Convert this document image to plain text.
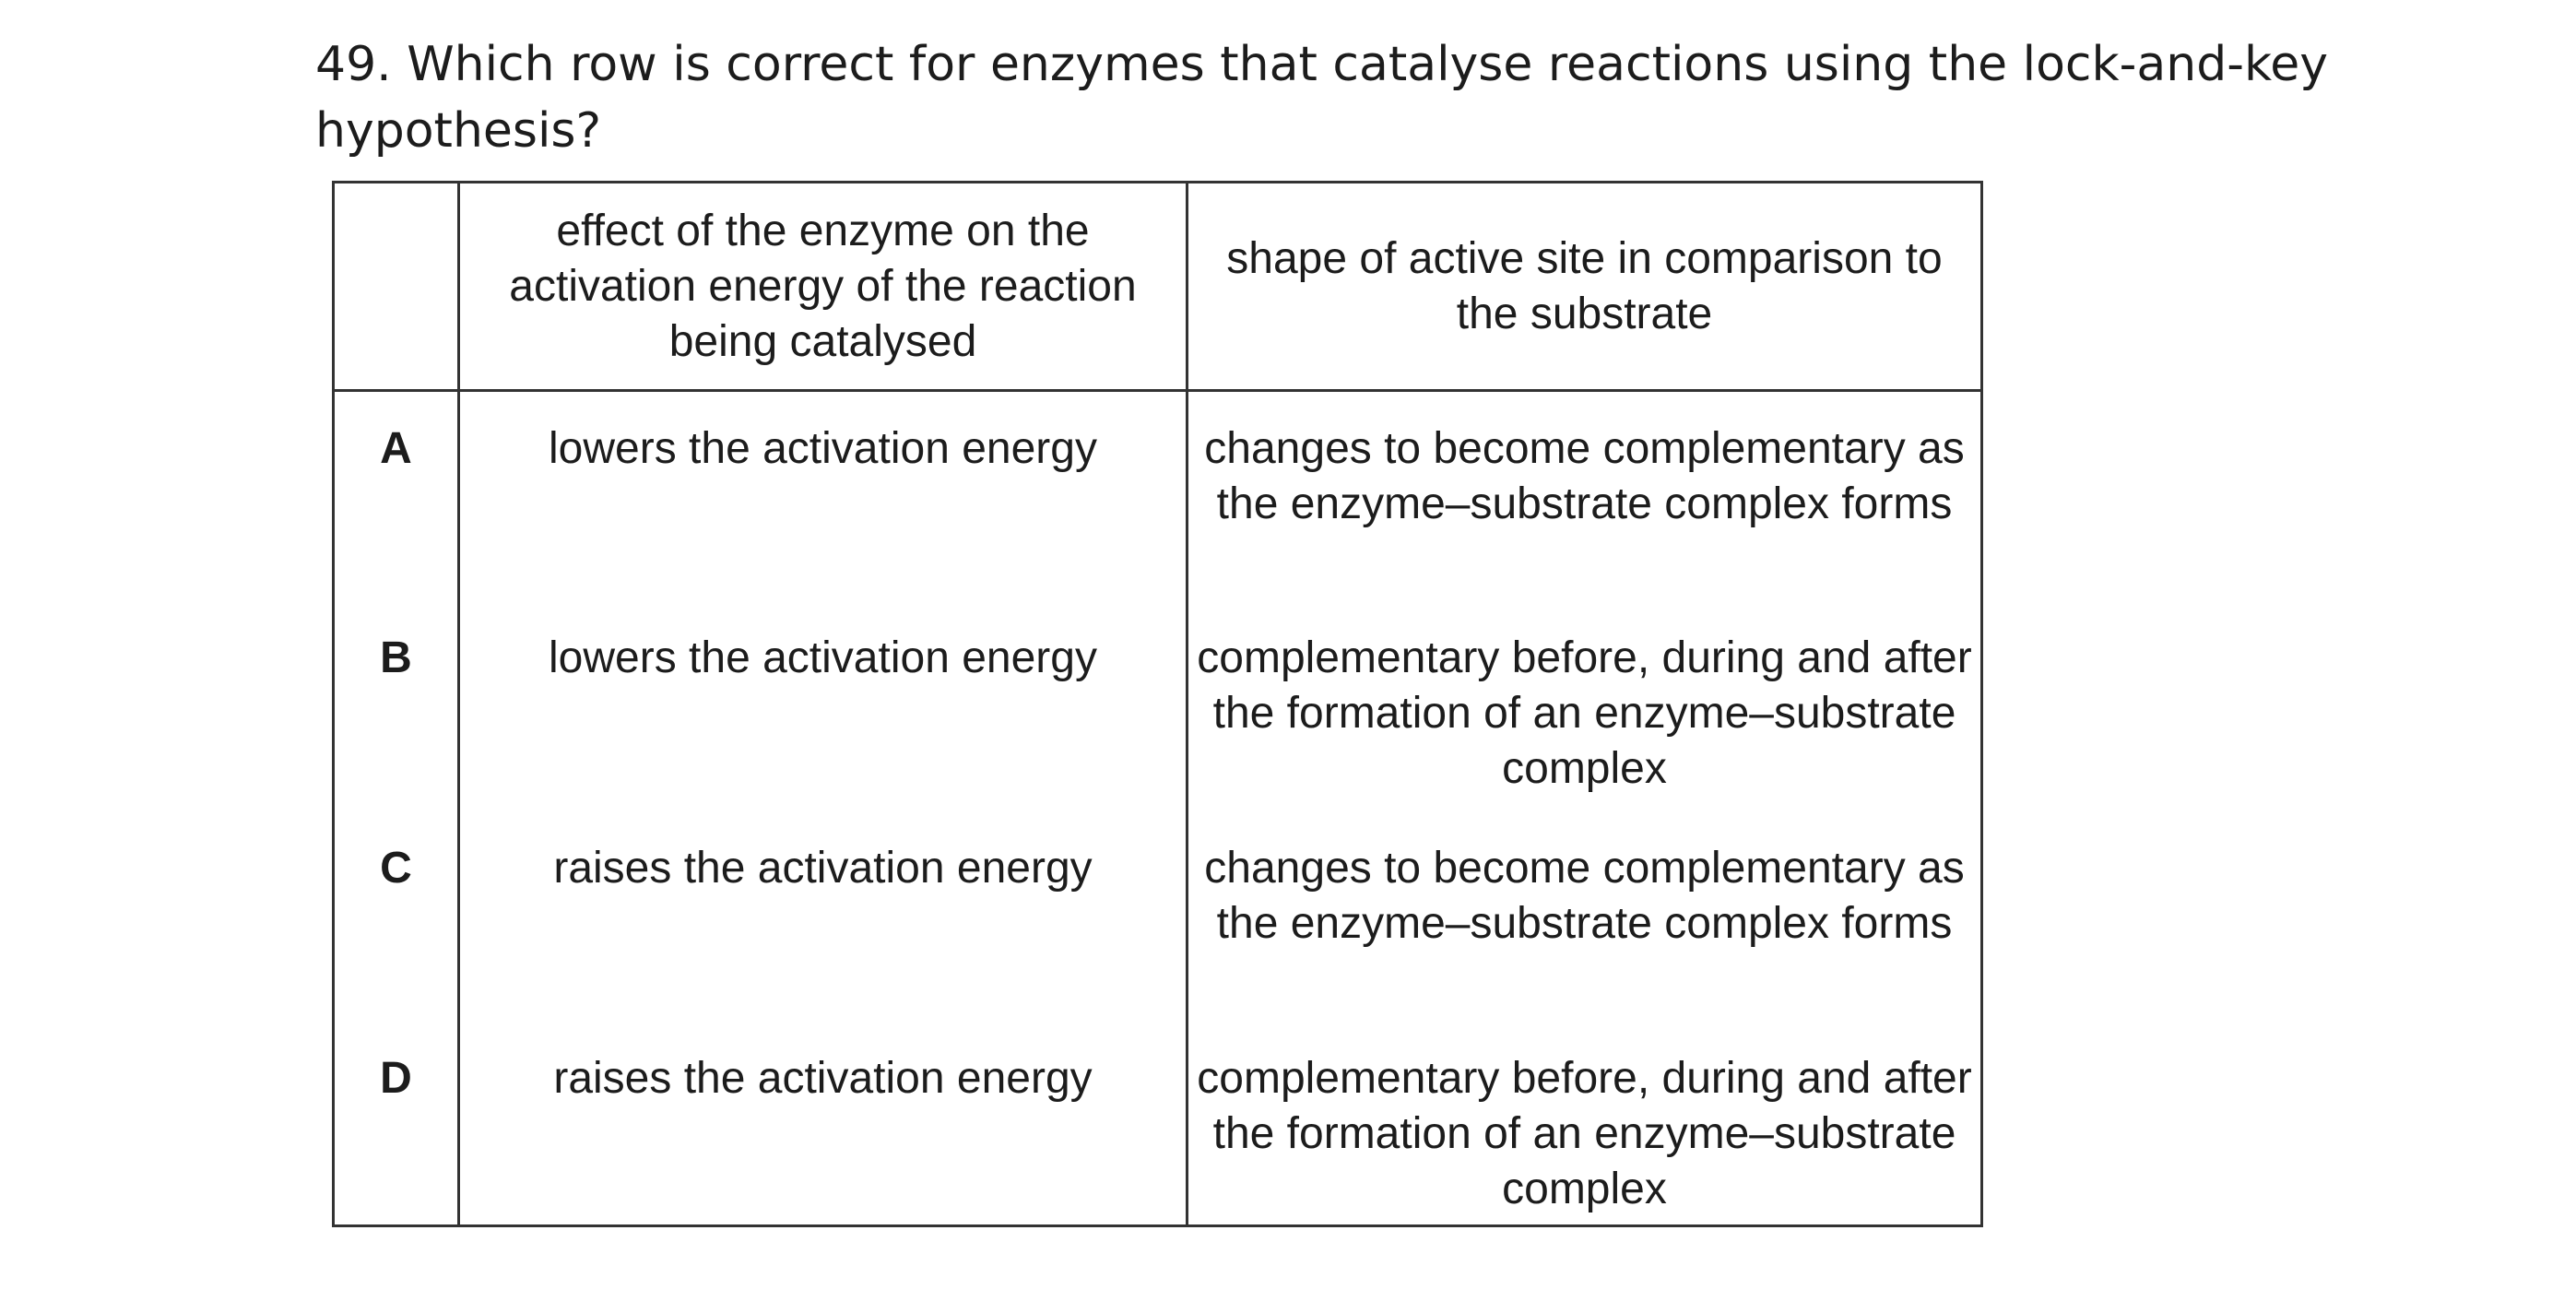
49. Which row is correct for enzymes that catalyse reactions using the lock-and-key hypothesis?

	effect of the enzyme on the activation energy of the reaction being catalysed	shape of active site in comparison to the substrate
A	lowers the activation energy	changes to become complementary as the enzyme–substrate complex forms
B	lowers the activation energy	complementary before, during and after the formation of an enzyme–substrate complex
C	raises the activation energy	changes to become complementary as the enzyme–substrate complex forms
D	raises the activation energy	complementary before, during and after the formation of an enzyme–substrate complex
